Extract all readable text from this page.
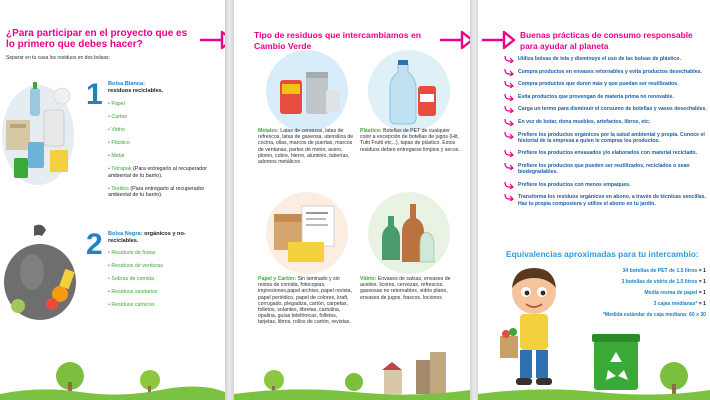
¿Para participar en el proyecto que es lo primero que debes hacer?
Separar en tu casa los residuos en dos bolsas:
1 Bolsa Blanca:
residuos reciclables.
• Papel
• Carton
• Vidrio
• Plástico
• Metal
• Tetrapak (Para entregarlo al recuperador ambiental de tu barrio).
• Textiles (Para entregarlo al recuperador ambiental de tu barrio).
2 Bolsa Negra: orgánicos y no-reciclables.
• Residuos de frutas
• Residuos de verduras
• Sobras de comida
• Residuos sanitarios
• Residuos cárnicos
Tipo de residuos que intercambiamos en Cambio Verde
Metales: Latas de cervezas, latas de refrescos, latas de gaseosa, utensilios de cocina, ollas, marcos de puertas, marcos de ventanas, partes de motor, acero, plomo, cobre, hierro, aluminio, tuberías, adornos metálicos
Plástico: Botellas de PET de cualquier color a excepción de botellas de jugos (Hit, Tutti Frutti etc...), tapas de plástico. Estos residuos deben entregarse limpios y secos.
Papel y Cartón: Sin laminado y sin restos de comida, fotocopias, impresiones,papel archivo, papel revista, papel periódico, papel de colores, kraft, corrugado, plegadiza, cartón, carpetas, folletos, volantes, libretas, cartulina, opalina, guías telefónicas, folletos, tarjetas, libros, rollos de cartón, revistas.
Vidrio: Envases de salsas, envases de aceites, licores, cervezas, refrescos, gaseosas no retornables, vidrio plano, envases de jugos, frascos, lociones
Buenas prácticas de consumo responsable para ayudar al planeta
Utiliza bolsas de tela y disminuye el uso de las bolsas de plástico.
Compra productos en envases retornables y evita productos desechables.
Compra productos que duren más y que puedan ser reutilizados.
Evita productos que provengan de materia prima no renovable.
Carga un termo para disminuir el consumo de botellas y vasos desechables.
En vez de botar, dona muebles, artefactos, libros, etc.
Prefiere los productos orgánicos por la salud ambiental y propia. Conoce el historial de la empresa a quien le compras los productos.
Prefiere los productos envasados y/o elaborados con material reciclado.
Prefiere los productos que pueden ser reutilizados, reciclados o sean biodegradables.
Prefiere los productos con menos empaques.
Transforma los residuos orgánicos en abono, a través de técnicas sencillas. Haz tu propia compostera y utilize el abono en tu jardín.
Equivalencias aproximadas para tu intercambio:
34 botellas de PET de 1.5 litros = 1
3 botellas de vidrio de 1.5 litros = 1
Media resma de papel = 1
3 cajas medianas* = 1
*Medida estándar de caja mediana: 60 x 30
